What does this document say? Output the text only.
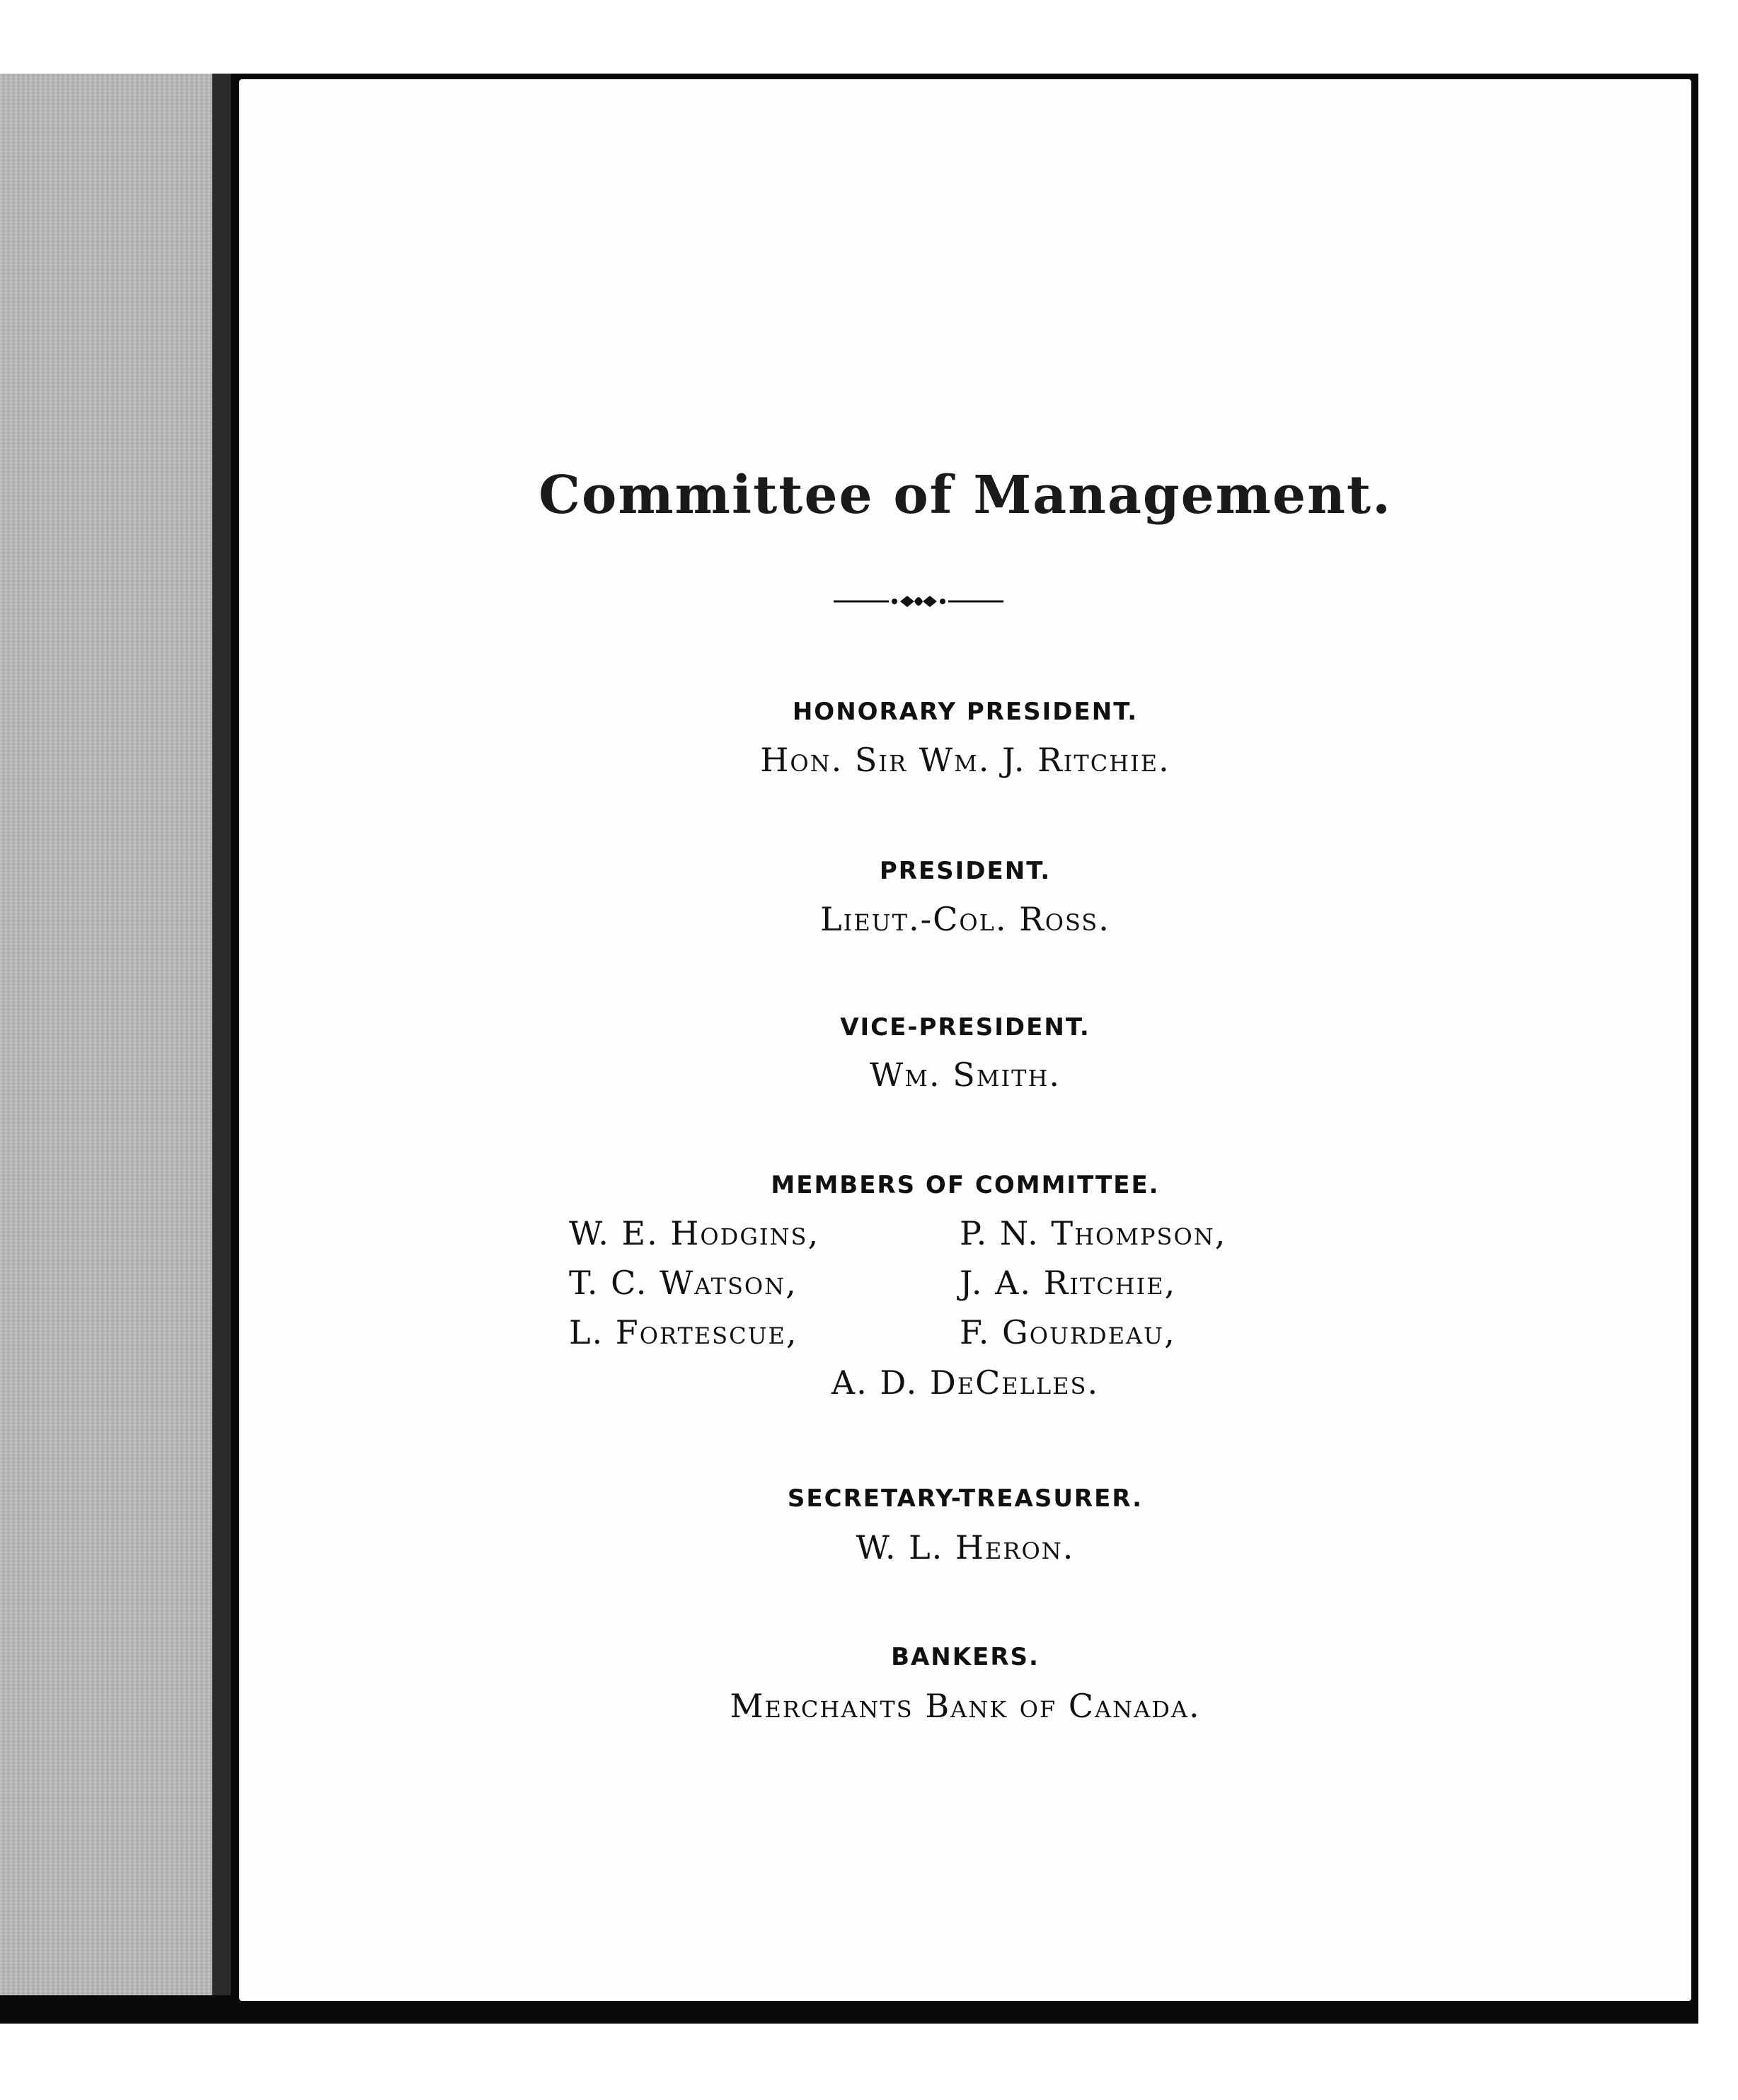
Committee of Management.
HONORARY PRESIDENT.
Hon. Sir Wm. J. Ritchie.
PRESIDENT.
Lieut.-Col. Ross.
VICE-PRESIDENT.
Wm. Smith.
MEMBERS OF COMMITTEE.
W. E. Hodgins,	P. N. Thompson,
T. C. Watson,	J. A. Ritchie,
L. Fortescue,	F. Gourdeau,
A. D. DeCelles.
SECRETARY-TREASURER.
W. L. Heron.
BANKERS.
Merchants Bank of Canada.
